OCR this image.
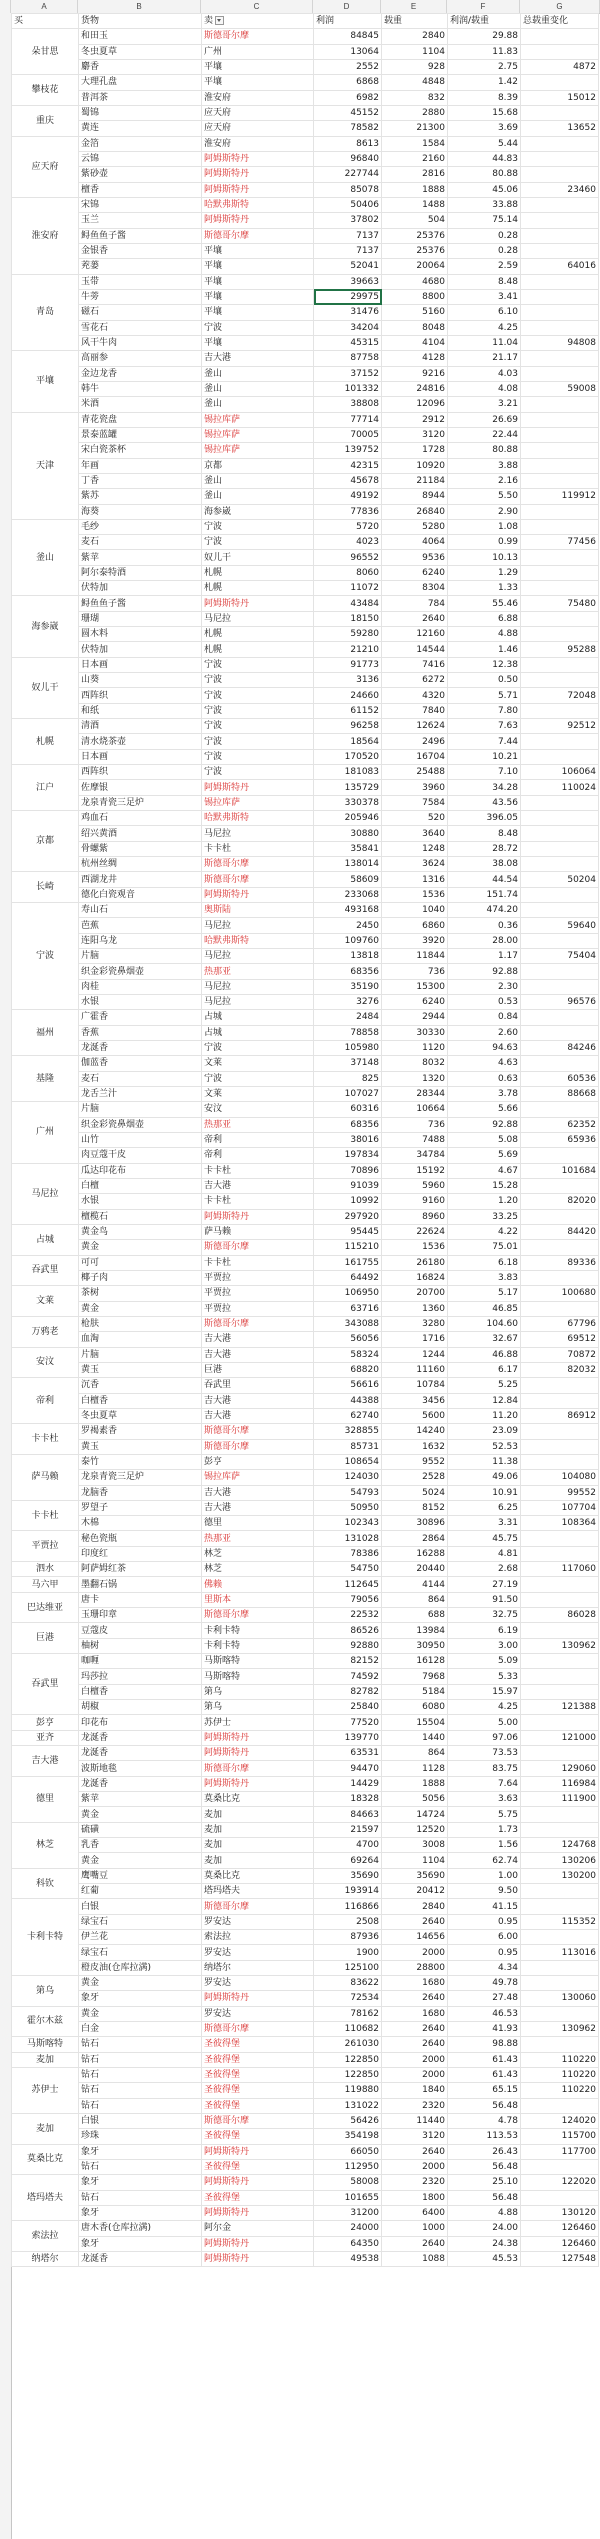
A	B	C	D	E	F	G
买	货物	卖	利润	载重	利润/载重	总载重变化
朵甘思	和田玉	斯德哥尔摩	84845	2840	29.88	
	冬虫夏草	广州	13064	1104	11.83	
	麝香	平壤	2552	928	2.75	4872
攀枝花	大理孔盘	平壤	6868	4848	1.42	
	普洱茶	淮安府	6982	832	8.39	15012
重庆	蜀锦	应天府	45152	2880	15.68	
	黄连	应天府	78582	21300	3.69	13652
应天府	金箔	淮安府	8613	1584	5.44	
	云锦	阿姆斯特丹	96840	2160	44.83	
	紫砂壶	阿姆斯特丹	227744	2816	80.88	
	檀香	阿姆斯特丹	85078	1888	45.06	23460
淮安府	宋锦	哈默弗斯特	50406	1488	33.88	
	玉兰	阿姆斯特丹	37802	504	75.14	
	鲟鱼鱼子酱	斯德哥尔摩	7137	25376	0.28	
	金银香	平壤	7137	25376	0.28	
	茺蒌	平壤	52041	20064	2.59	64016
青岛	玉带	平壤	39663	4680	8.48	
	牛蒡	平壤	29975	8800	3.41	
	磁石	平壤	31476	5160	6.10	
	雪花石	宁波	34204	8048	4.25	
	风干牛肉	平壤	45315	4104	11.04	94808
平壤	高丽参	吉大港	87758	4128	21.17	
	金边龙香	釜山	37152	9216	4.03	
	韩牛	釜山	101332	24816	4.08	59008
	米酒	釜山	38808	12096	3.21	
天津	青花瓷盘	锡拉库萨	77714	2912	26.69	
	景泰蓝罐	锡拉库萨	70005	3120	22.44	
	宋白瓷茶杯	锡拉库萨	139752	1728	80.88	
	年画	京都	42315	10920	3.88	
	丁香	釜山	45678	21184	2.16	
	紫苏	釜山	49192	8944	5.50	119912
	海葵	海参崴	77836	26840	2.90	
釜山	毛纱	宁波	5720	5280	1.08	
	麦石	宁波	4023	4064	0.99	77456
	紫苹	奴儿干	96552	9536	10.13	
	阿尔泰特酒	札幌	8060	6240	1.29	
	伏特加	札幌	11072	8304	1.33	
海参崴	鲟鱼鱼子酱	阿姆斯特丹	43484	784	55.46	75480
	珊瑚	马尼拉	18150	2640	6.88	
	圆木料	札幌	59280	12160	4.88	
	伏特加	札幌	21210	14544	1.46	95288
奴儿干	日本画	宁波	91773	7416	12.38	
	山葵	宁波	3136	6272	0.50	
	西阵织	宁波	24660	4320	5.71	72048
	和纸	宁波	61152	7840	7.80	
札幌	清酒	宁波	96258	12624	7.63	92512
	清水烧茶壶	宁波	18564	2496	7.44	
	日本画	宁波	170520	16704	10.21	
江户	西阵织	宁波	181083	25488	7.10	106064
	佐摩银	阿姆斯特丹	135729	3960	34.28	110024
	龙泉青瓷三足炉	锡拉库萨	330378	7584	43.56	
京都	鸡血石	哈默弗斯特	205946	520	396.05	
	绍兴黄酒	马尼拉	30880	3640	8.48	
	骨螺紫	卡卡杜	35841	1248	28.72	
	杭州丝绸	斯德哥尔摩	138014	3624	38.08	
长崎	西湖龙井	斯德哥尔摩	58609	1316	44.54	50204
	德化白瓷观音	阿姆斯特丹	233068	1536	151.74	
宁波	寿山石	奥斯陆	493168	1040	474.20	
	芭蕉	马尼拉	2450	6860	0.36	59640
	连阳乌龙	哈默弗斯特	109760	3920	28.00	
	片脑	马尼拉	13818	11844	1.17	75404
	织金彩瓷鼻烟壶	热那亚	68356	736	92.88	
	肉桂	马尼拉	35190	15300	2.30	
	水银	马尼拉	3276	6240	0.53	96576
福州	广霍香	占城	2484	2944	0.84	
	香蕉	占城	78858	30330	2.60	
	龙涎香	宁波	105980	1120	94.63	84246
基隆	伽蓝香	文莱	37148	8032	4.63	
	麦石	宁波	825	1320	0.63	60536
	龙舌兰汁	文莱	107027	28344	3.78	88668
广州	片脑	安汶	60316	10664	5.66	
	织金彩瓷鼻烟壶	热那亚	68356	736	92.88	62352
	山竹	帝利	38016	7488	5.08	65936
	肉豆蔻干皮	帝利	197834	34784	5.69	
马尼拉	瓜达印花布	卡卡杜	70896	15192	4.67	101684
	白檀	吉大港	91039	5960	15.28	
	水银	卡卡杜	10992	9160	1.20	82020
	檀榄石	阿姆斯特丹	297920	8960	33.25	
占城	黄金鸟	萨马赖	95445	22624	4.22	84420
	黄金	斯德哥尔摩	115210	1536	75.01	
吞武里	可可	卡卡杜	161755	26180	6.18	89336
	椰子肉	平贾拉	64492	16824	3.83	
文莱	茶树	平贾拉	106950	20700	5.17	100680
	黄金	平贾拉	63716	1360	46.85	
万鸦老	枪肤	斯德哥尔摩	343088	3280	104.60	67796
	血淘	吉大港	56056	1716	32.67	69512
安汶	片脑	吉大港	58324	1244	46.88	70872
	黄玉	巨港	68820	11160	6.17	82032
帝利	沉香	吞武里	56616	10784	5.25	
	白檀香	吉大港	44388	3456	12.84	
	冬虫夏草	吉大港	62740	5600	11.20	86912
卡卡杜	罗褐素香	斯德哥尔摩	328855	14240	23.09	
	黄玉	斯德哥尔摩	85731	1632	52.53	
萨马赖	泰竹	彭亨	108654	9552	11.38	
	龙泉青瓷三足炉	锡拉库萨	124030	2528	49.06	104080
	龙脑香	吉大港	54793	5024	10.91	99552
卡卡杜	罗望子	吉大港	50950	8152	6.25	107704
	木棉	德里	102343	30896	3.31	108364
平贾拉	秘色瓷瓶	热那亚	131028	2864	45.75	
	印度红	林芝	78386	16288	4.81	
泗水	阿萨姆红茶	林芝	54750	20440	2.68	117060
马六甲	墨翻石锅	佛赖	112645	4144	27.19	
巴达维亚	唐卡	里斯本	79056	864	91.50	
	玉珊印章	斯德哥尔摩	22532	688	32.75	86028
巨港	豆蔻皮	卡利卡特	86526	13984	6.19	
	柚树	卡利卡特	92880	30950	3.00	130962
吞武里	咖喱	马斯喀特	82152	16128	5.09	
	玛莎拉	马斯喀特	74592	7968	5.33	
	白檀香	第乌	82782	5184	15.97	
	胡椒	第乌	25840	6080	4.25	121388
彭亨	印花布	苏伊士	77520	15504	5.00	
亚齐	龙涎香	阿姆斯特丹	139770	1440	97.06	121000
吉大港	龙涎香	阿姆斯特丹	63531	864	73.53	
	波斯地毯	斯德哥尔摩	94470	1128	83.75	129060
德里	龙涎香	阿姆斯特丹	14429	1888	7.64	116984
	紫苹	莫桑比克	18328	5056	3.63	111900
	黄金	麦加	84663	14724	5.75	
林芝	硫磺	麦加	21597	12520	1.73	
	乳香	麦加	4700	3008	1.56	124768
	黄金	麦加	69264	1104	62.74	130206
科钦	鹰嘴豆	莫桑比克	35690	35690	1.00	130200
	红葡	塔玛塔夫	193914	20412	9.50	
卡利卡特	白银	斯德哥尔摩	116866	2840	41.15	
	绿宝石	罗安达	2508	2640	0.95	115352
	伊兰花	索法拉	87936	14656	6.00	
	绿宝石	罗安达	1900	2000	0.95	113016
	橙皮油(仓库拉满)	纳塔尔	125100	28800	4.34	
第乌	黄金	罗安达	83622	1680	49.78	
	象牙	阿姆斯特丹	72534	2640	27.48	130060
霍尔木兹	黄金	罗安达	78162	1680	46.53	
	白金	斯德哥尔摩	110682	2640	41.93	130962
马斯喀特	钻石	圣彼得堡	261030	2640	98.88	
麦加	钻石	圣彼得堡	122850	2000	61.43	110220
苏伊士	钻石	圣彼得堡	122850	2000	61.43	110220
	钻石	圣彼得堡	119880	1840	65.15	110220
	钻石	圣彼得堡	131022	2320	56.48	
麦加	白银	斯德哥尔摩	56426	11440	4.78	124020
	珍珠	圣彼得堡	354198	3120	113.53	115700
莫桑比克	象牙	阿姆斯特丹	66050	2640	26.43	117700
	钻石	圣彼得堡	112950	2000	56.48	
塔玛塔夫	象牙	阿姆斯特丹	58008	2320	25.10	122020
	钻石	圣彼得堡	101655	1800	56.48	
	象牙	阿姆斯特丹	31200	6400	4.88	130120
索法拉	唐木香(仓库拉满)	阿尔金	24000	1000	24.00	126460
	象牙	阿姆斯特丹	64350	2640	24.38	126460
纳塔尔	龙涎香	阿姆斯特丹	49538	1088	45.53	127548
